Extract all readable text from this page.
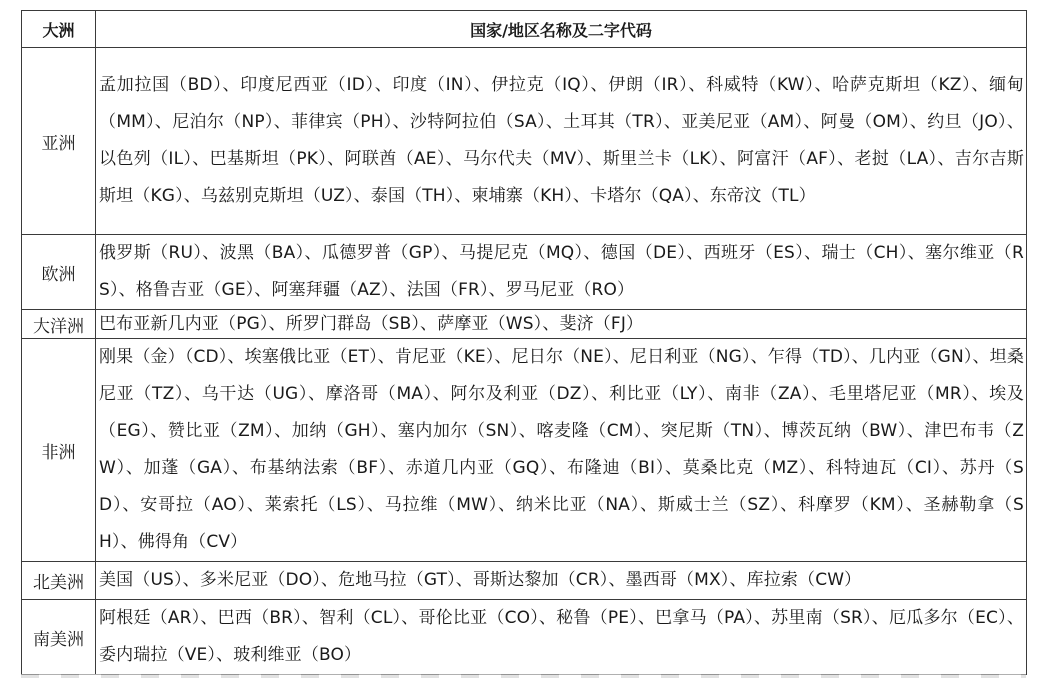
大洲	国家/地区名称及二字代码
亚洲	孟加拉国（BD）、印度尼西亚（ID）、印度（IN）、伊拉克（IQ）、伊朗（IR）、科威特（KW）、哈萨克斯坦（KZ）、缅甸（MM）、尼泊尔（NP）、菲律宾（PH）、沙特阿拉伯（SA）、土耳其（TR）、亚美尼亚（AM）、阿曼（OM）、约旦（JO）、以色列（IL）、巴基斯坦（PK）、阿联酋（AE）、马尔代夫（MV）、斯里兰卡（LK）、阿富汗（AF）、老挝（LA）、吉尔吉斯斯坦（KG）、乌兹别克斯坦（UZ）、泰国（TH）、柬埔寨（KH）、卡塔尔（QA）、东帝汶（TL）
欧洲	俄罗斯（RU）、波黑（BA）、瓜德罗普（GP）、马提尼克（MQ）、德国（DE）、西班牙（ES）、瑞士（CH）、塞尔维亚（RS）、格鲁吉亚（GE）、阿塞拜疆（AZ）、法国（FR）、罗马尼亚（RO）
大洋洲	巴布亚新几内亚（PG）、所罗门群岛（SB）、萨摩亚（WS）、斐济（FJ）
非洲	刚果（金）（CD）、埃塞俄比亚（ET）、肯尼亚（KE）、尼日尔（NE）、尼日利亚（NG）、乍得（TD）、几内亚（GN）、坦桑尼亚（TZ）、乌干达（UG）、摩洛哥（MA）、阿尔及利亚（DZ）、利比亚（LY）、南非（ZA）、毛里塔尼亚（MR）、埃及（EG）、赞比亚（ZM）、加纳（GH）、塞内加尔（SN）、喀麦隆（CM）、突尼斯（TN）、博茨瓦纳（BW）、津巴布韦（ZW）、加蓬（GA）、布基纳法索（BF）、赤道几内亚（GQ）、布隆迪（BI）、莫桑比克（MZ）、科特迪瓦（CI）、苏丹（SD）、安哥拉（AO）、莱索托（LS）、马拉维（MW）、纳米比亚（NA）、斯威士兰（SZ）、科摩罗（KM）、圣赫勒拿（SH）、佛得角（CV）
北美洲	美国（US）、多米尼亚（DO）、危地马拉（GT）、哥斯达黎加（CR）、墨西哥（MX）、库拉索（CW）
南美洲	阿根廷（AR）、巴西（BR）、智利（CL）、哥伦比亚（CO）、秘鲁（PE）、巴拿马（PA）、苏里南（SR）、厄瓜多尔（EC）、委内瑞拉（VE）、玻利维亚（BO）
